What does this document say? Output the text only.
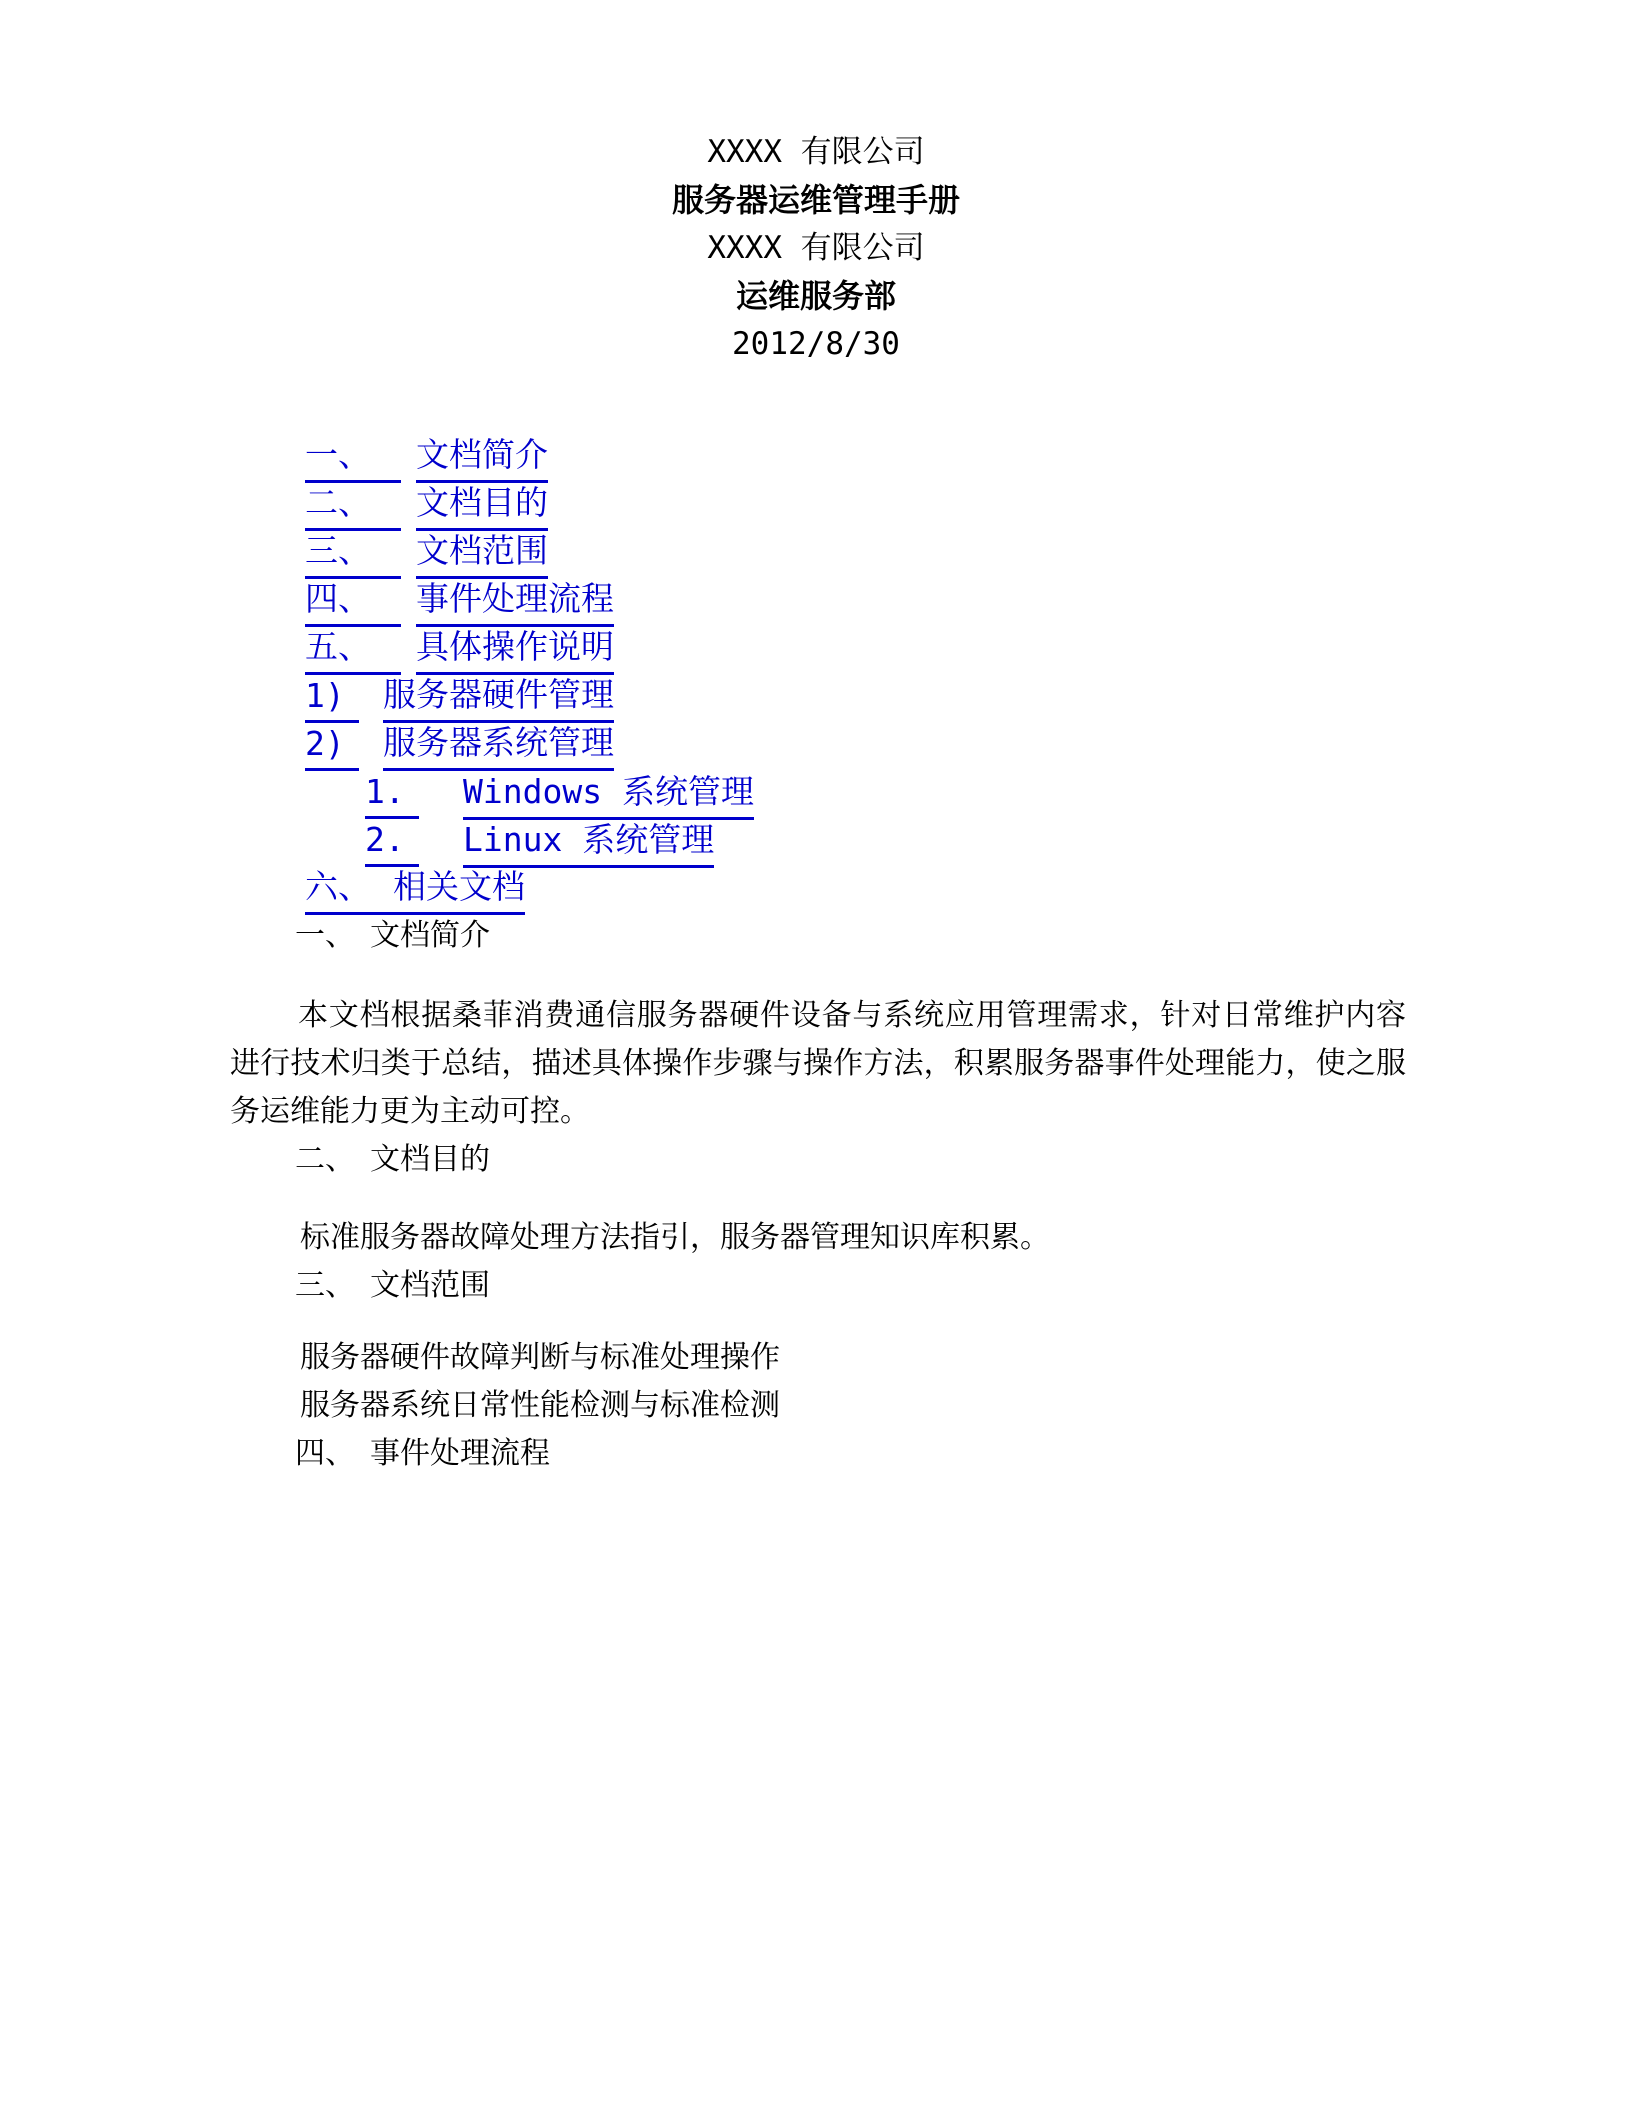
XXXX 有限公司
服务器运维管理手册
XXXX 有限公司
运维服务部
2012/8/30
一、	文档简介
二、	文档目的
三、	文档范围
四、	事件处理流程
五、	具体操作说明
1)	服务器硬件管理
2)	服务器系统管理
1.	Windows 系统管理
2.	Linux 系统管理
六、 相关文档
一、 文档简介

本文档根据桑菲消费通信服务器硬件设备与系统应用管理需求，针对日常维护内容进行技术归类于总结，描述具体操作步骤与操作方法，积累服务器事件处理能力，使之服务运维能力更为主动可控。

二、 文档目的
标准服务器故障处理方法指引，服务器管理知识库积累。
三、 文档范围
服务器硬件故障判断与标准处理操作
服务器系统日常性能检测与标准检测
四、 事件处理流程
